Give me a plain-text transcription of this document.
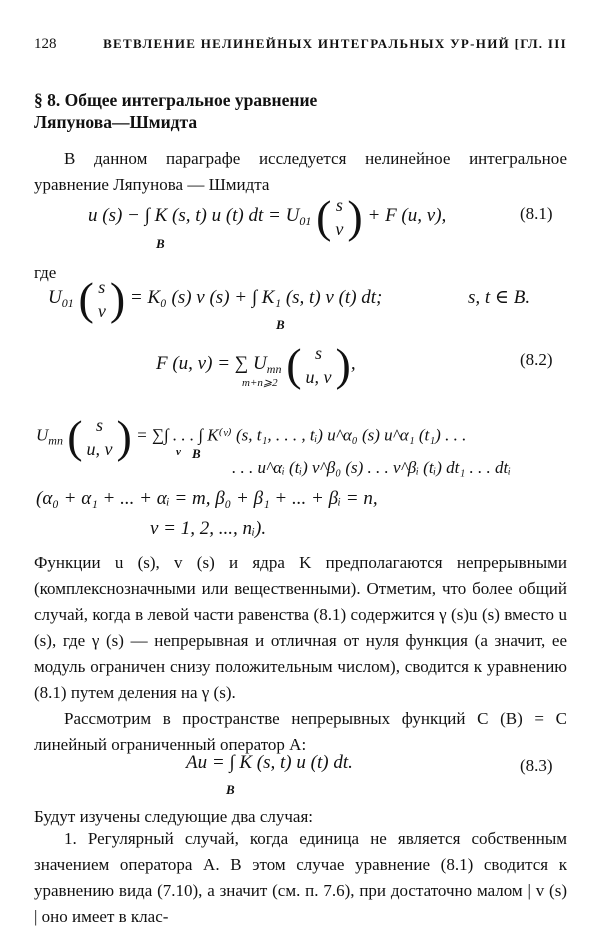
128	ВЕТВЛЕНИЕ НЕЛИНЕЙНЫХ ИНТЕГРАЛЬНЫХ УР-НИЙ [ГЛ. III
§ 8. Общее интегральное уравнение
Ляпунова—Шмидта
В данном параграфе исследуется нелинейное интегральное уравнение Ляпунова — Шмидта
u (s) − ∫ K (s, t) u (t) dt = $U_{01}$ ( s
v) + F (u, v),
B
(8.1)
где
$U_{01}$ ( s
v) = K₀ (s) v (s) + ∫ K₁ (s, t) v (t) dt;
B
s, t ∈ B.
F (u, v) = ∑ $U_{mn}$ ( s
u, v),
m+n⩾2
(8.2)
$U_{mn}$ ( s
u, v) = ∑∫ . . . ∫ K⁽ᵛ⁾ (s, t₁, . . . , tᵢ) u^α₀ (s) u^α₁ (t₁) . . .
ν B
. . . u^αᵢ (tᵢ) v^β₀ (s) . . . v^βᵢ (tᵢ) dt₁ . . . dtᵢ
(α₀ + α₁ + ... + αᵢ = m, β₀ + β₁ + ... + βᵢ = n,
ν = 1, 2, ..., nᵢ).
Функции u (s), v (s) и ядра K предполагаются непрерывными (комплекснозначными или вещественными). Отметим, что более общий случай, когда в левой части равенства (8.1) содержится γ (s)u (s) вместо u (s), где γ (s) — непрерывная и отличная от нуля функция (а значит, ее модуль ограничен снизу положительным числом), сводится к уравнению (8.1) путем деления на γ (s).
Рассмотрим в пространстве непрерывных функций C (B) = C линейный ограниченный оператор A:
Au = ∫ K (s, t) u (t) dt.
B
(8.3)
Будут изучены следующие два случая:
1. Регулярный случай, когда единица не является собственным значением оператора A. В этом случае уравнение (8.1) сводится к уравнению вида (7.10), а значит (см. п. 7.6), при достаточно малом | v (s) | оно имеет в клас-
